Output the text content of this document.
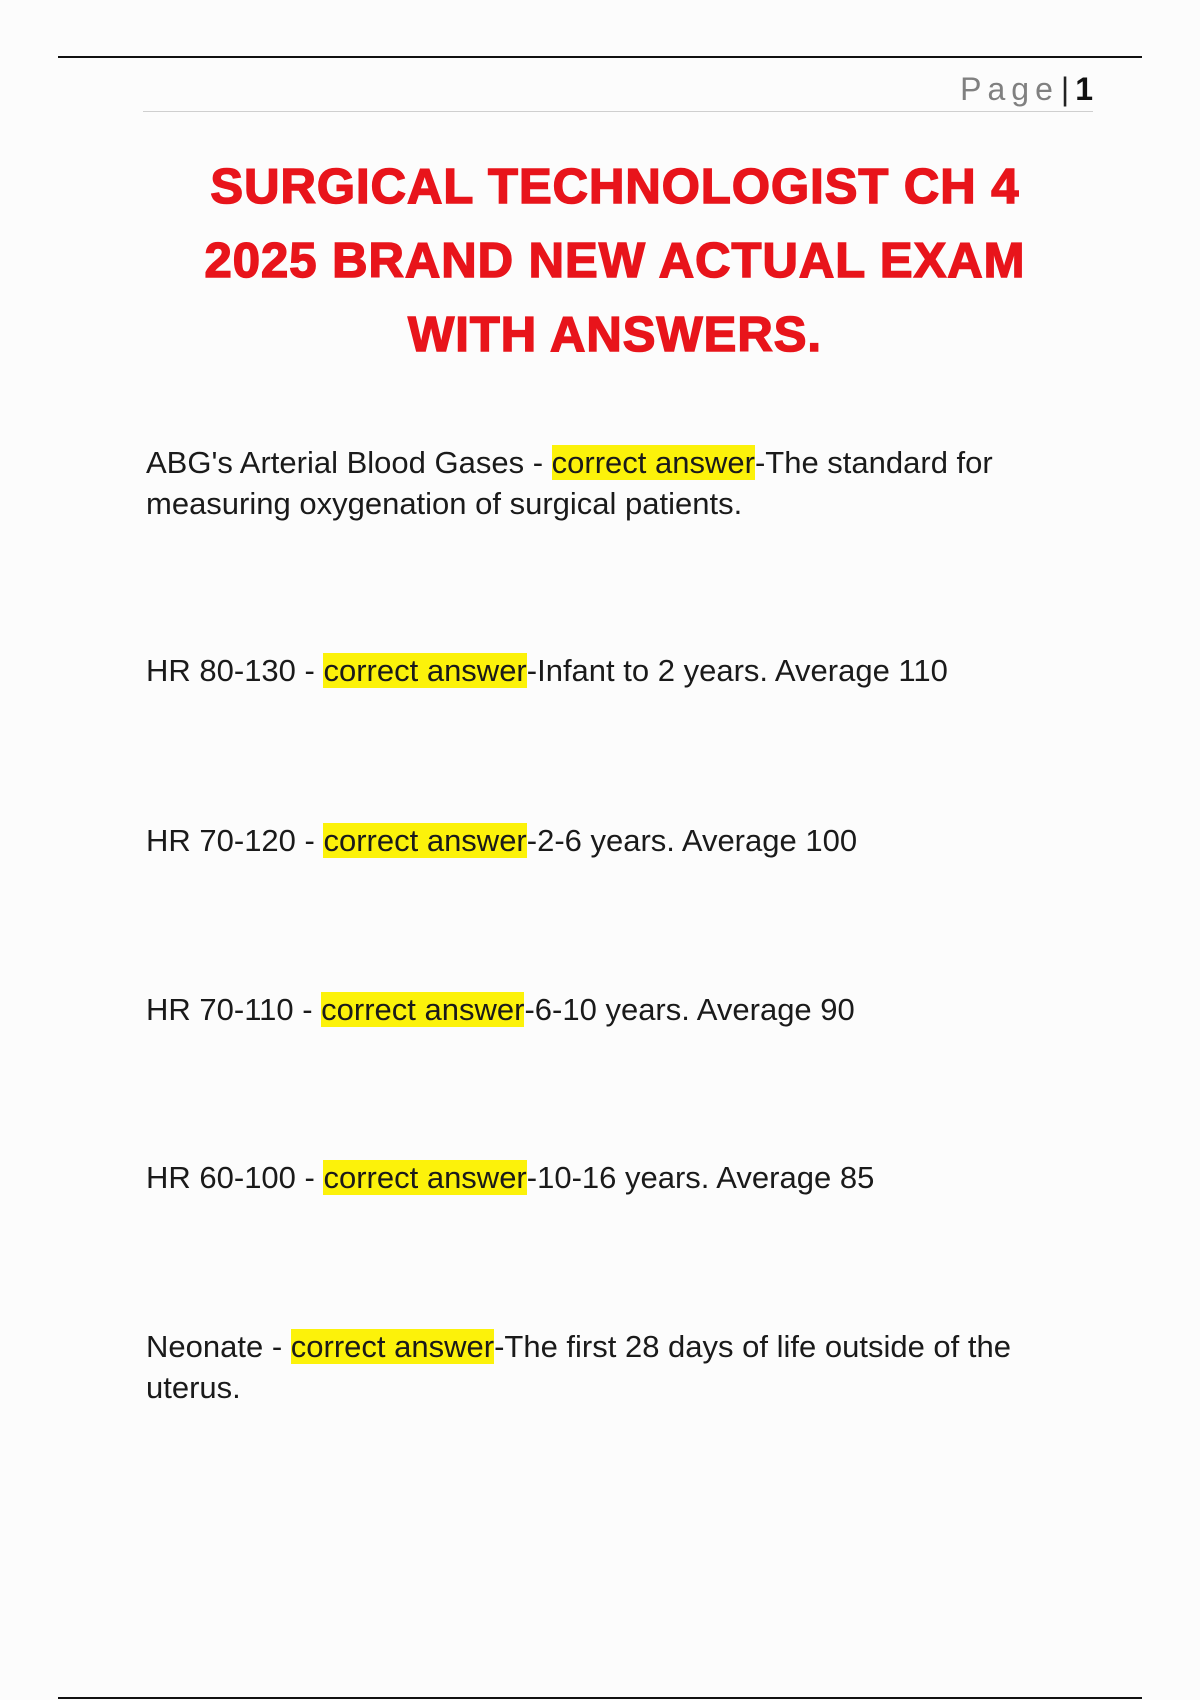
Page| 1
SURGICAL TECHNOLOGIST CH 4
2025 BRAND NEW ACTUAL EXAM
WITH ANSWERS.
ABG's Arterial Blood Gases - correct answer-The standard for measuring oxygenation of surgical patients.
HR 80-130 - correct answer-Infant to 2 years. Average 110
HR 70-120 - correct answer-2-6 years. Average 100
HR 70-110 - correct answer-6-10 years. Average 90
HR 60-100 - correct answer-10-16 years. Average 85
Neonate - correct answer-The first 28 days of life outside of the uterus.
